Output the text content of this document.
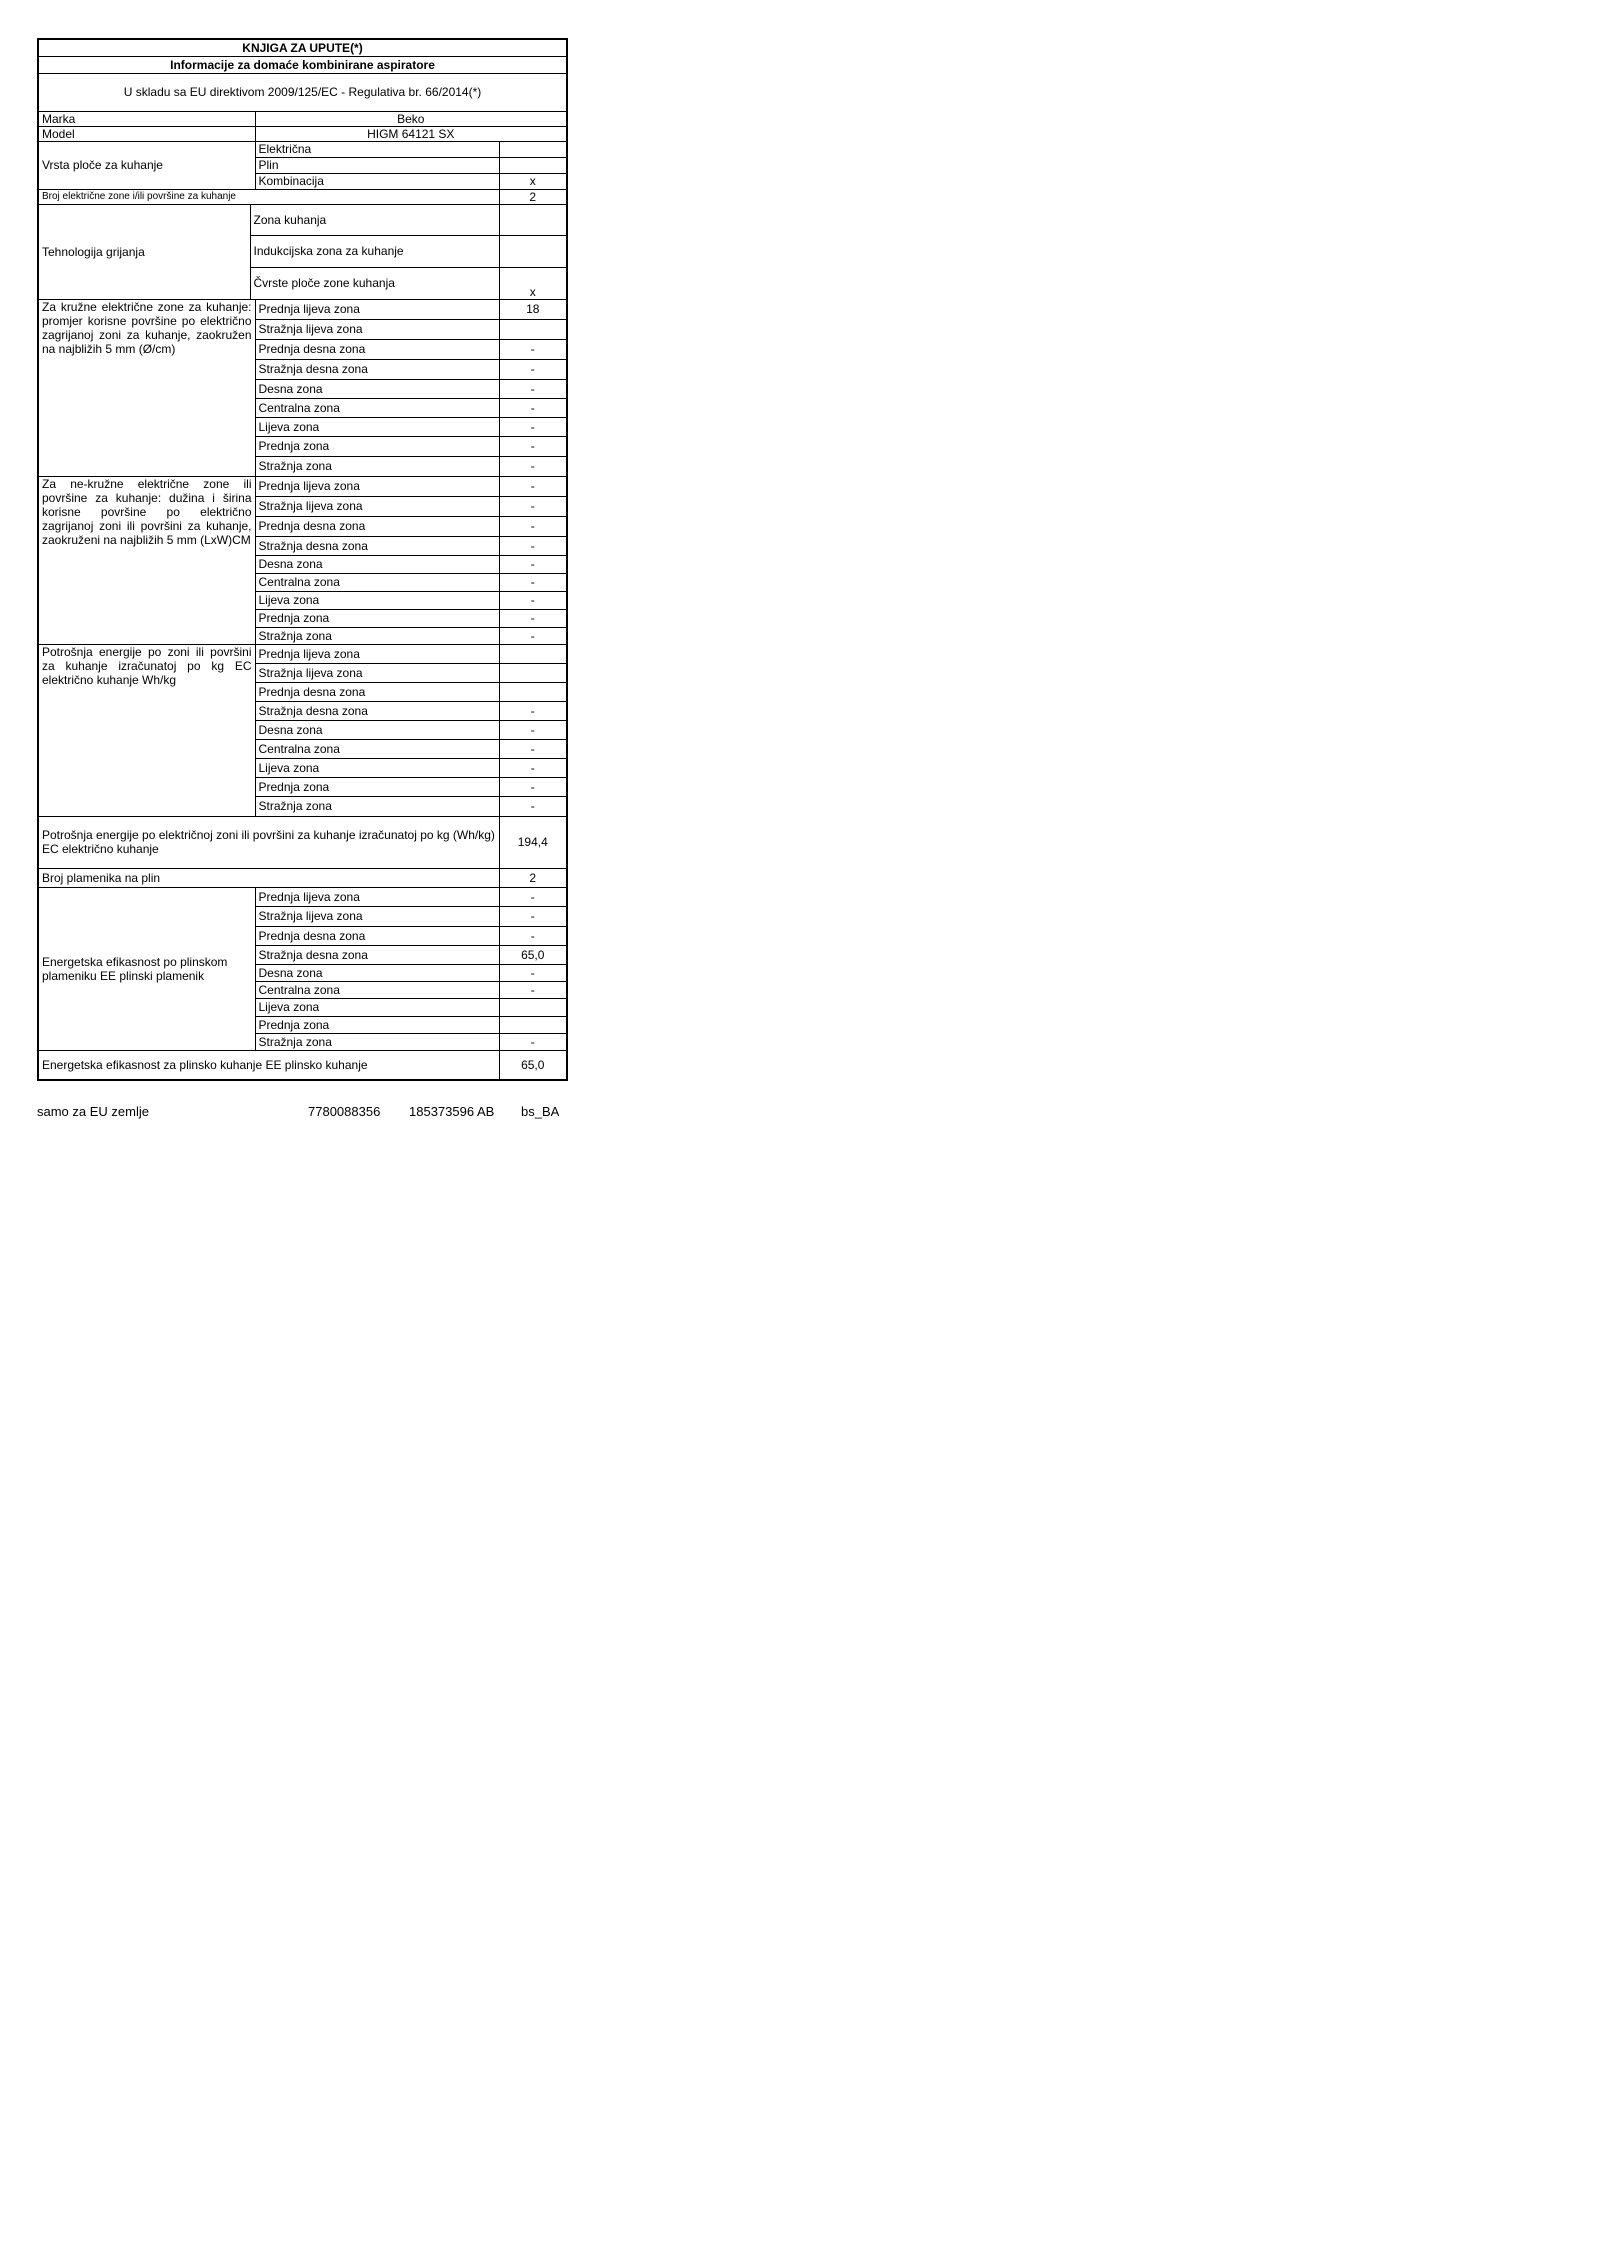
KNJIGA ZA UPUTE(*)			
Informacije za domaće kombinirane aspiratore			
U skladu sa EU direktivom 2009/125/EC - Regulativa br. 66/2014(*)			
Marka		Beko	
Model		HIGM 64121 SX	
Vrsta ploče za kuhanje		Električna	
		Plin	
		Kombinacija	x
Broj električne zone i/ili površine za kuhanje			2
Tehnologija grijanja	Zona kuhanja		
	Indukcijska zona za kuhanje		
	Čvrste ploče zone kuhanja		x
Za kružne električne zone za kuhanje: promjer korisne površine po električno zagrijanoj zoni za kuhanje, zaokružen na najbližih 5 mm (Ø/cm)		Prednja lijeva zona	18
		Stražnja lijeva zona	
		Prednja desna zona	-
		Stražnja desna zona	-
		Desna zona	-
		Centralna zona	-
		Lijeva zona	-
		Prednja zona	-
		Stražnja zona	-
Za ne-kružne električne zone ili površine za kuhanje: dužina i širina korisne površine po električno zagrijanoj zoni ili površini za kuhanje, zaokruženi na najbližih 5 mm (LxW)CM		Prednja lijeva zona	-
		Stražnja lijeva zona	-
		Prednja desna zona	-
		Stražnja desna zona	-
		Desna zona	-
		Centralna zona	-
		Lijeva zona	-
		Prednja zona	-
		Stražnja zona	-
Potrošnja energije po zoni ili površini za kuhanje izračunatoj po kg EC električno kuhanje Wh/kg		Prednja lijeva zona	
		Stražnja lijeva zona	
		Prednja desna zona	
		Stražnja desna zona	-
		Desna zona	-
		Centralna zona	-
		Lijeva zona	-
		Prednja zona	-
		Stražnja zona	-
Potrošnja energije po električnoj zoni ili površini za kuhanje izračunatoj po kg (Wh/kg) EC električno kuhanje			194,4
Broj plamenika na plin			2
Energetska efikasnost po plinskom plameniku EE plinski plamenik		Prednja lijeva zona	-
		Stražnja lijeva zona	-
		Prednja desna zona	-
		Stražnja desna zona	65,0
		Desna zona	-
		Centralna zona	-
		Lijeva zona	
		Prednja zona	
		Stražnja zona	-
Energetska efikasnost za plinsko kuhanje EE plinsko kuhanje			65,0
samo za EU zemlje	7780088356 185373596 AB bs_BA
